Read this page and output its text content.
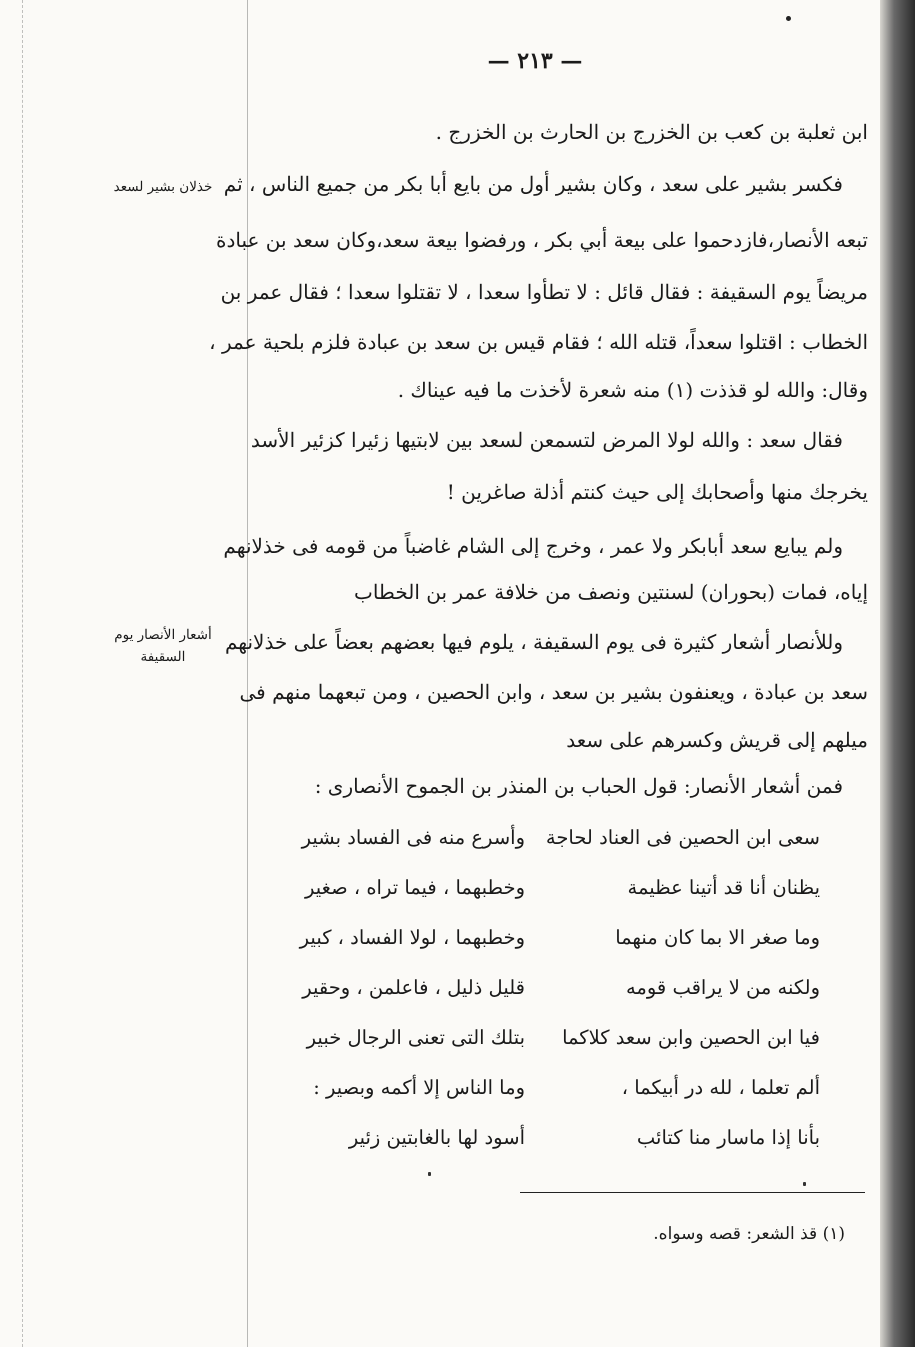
— ٢١٣ —
ابن ثعلبة بن كعب بن الخزرج بن الحارث بن الخزرج .
فكسر بشير على سعد ، وكان بشير أول من بايع أبا بكر من جميع الناس ، ثم
تبعه الأنصار،فازدحموا على بيعة أبي بكر ، ورفضوا بيعة سعد،وكان سعد بن عبادة
مريضاً يوم السقيفة : فقال قائل : لا تطأوا سعدا ، لا تقتلوا سعدا ؛ فقال عمر بن
الخطاب : اقتلوا سعداً، قتله الله ؛ فقام قيس بن سعد بن عبادة فلزم بلحية عمر ،
وقال: والله لو قذذت (١) منه شعرة لأخذت ما فيه عيناك .
فقال سعد : والله لولا المرض لتسمعن لسعد بين لابتيها زئيرا كزئير الأسد
يخرجك منها وأصحابك إلى حيث كنتم أذلة صاغرين !
ولم يبايع سعد أبابكر ولا عمر ، وخرج إلى الشام غاضباً من قومه فى خذلانهم
إياه، فمات (بحوران) لسنتين ونصف من خلافة عمر بن الخطاب
وللأنصار أشعار كثيرة فى يوم السقيفة ، يلوم فيها بعضهم بعضاً على خذلانهم
سعد بن عبادة ، ويعنفون بشير بن سعد ، وابن الحصين ، ومن تبعهما منهم فى
ميلهم إلى قريش وكسرهم على سعد
فمن أشعار الأنصار: قول الحباب بن المنذر بن الجموح الأنصارى :
خذلان بشير لسعد
أشعار الأنصار يوم السقيفة
سعى ابن الحصين فى العناد لحاجة
وأسرع منه فى الفساد بشير
يظنان أنا قد أتينا عظيمة
وخطبهما ، فيما تراه ، صغير
وما صغر الا بما كان منهما
وخطبهما ، لولا الفساد ، كبير
ولكنه من لا يراقب قومه
قليل ذليل ، فاعلمن ، وحقير
فيا ابن الحصين وابن سعد كلاكما
بتلك التى تعنى الرجال خبير
ألم تعلما ، لله در أبيكما ،
وما الناس إلا أكمه وبصير :
بأنا إذا ماسار منا كتائب
أسود لها بالغابتين زئير
(١) قذ الشعر: قصه وسواه.
